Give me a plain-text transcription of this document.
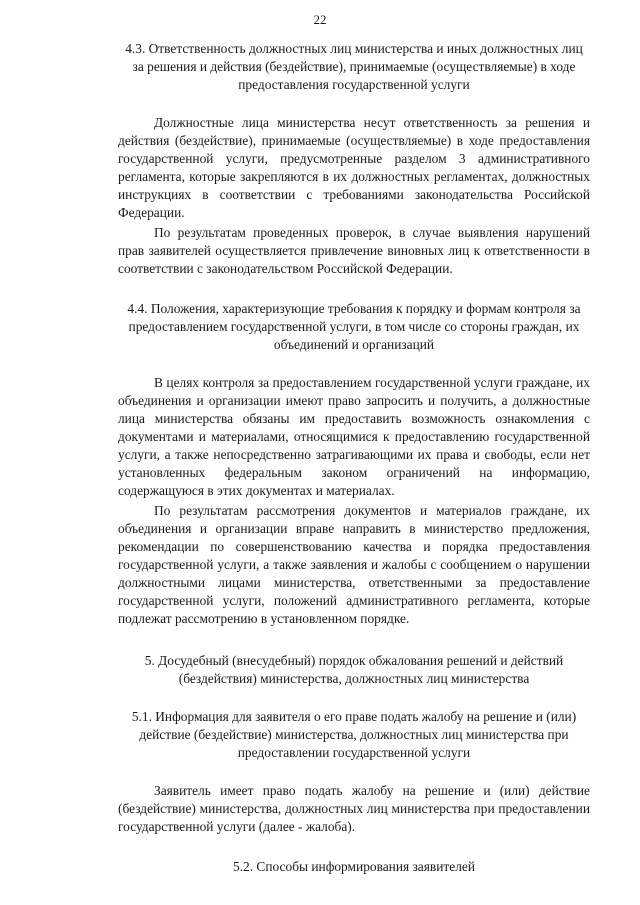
22

4.3. Ответственность должностных лиц министерства и иных должностных лиц за решения и действия (бездействие), принимаемые (осуществляемые) в ходе предоставления государственной услуги

Должностные лица министерства несут ответственность за решения и действия (бездействие), принимаемые (осуществляемые) в ходе предоставления государственной услуги, предусмотренные разделом 3 административного регламента, которые закрепляются в их должностных регламентах, должностных инструкциях в соответствии с требованиями законодательства Российской Федерации.

По результатам проведенных проверок, в случае выявления нарушений прав заявителей осуществляется привлечение виновных лиц к ответственности в соответствии с законодательством Российской Федерации.

4.4. Положения, характеризующие требования к порядку и формам контроля за предоставлением государственной услуги, в том числе со стороны граждан, их объединений и организаций

В целях контроля за предоставлением государственной услуги граждане, их объединения и организации имеют право запросить и получить, а должностные лица министерства обязаны им предоставить возможность ознакомления с документами и материалами, относящимися к предоставлению государственной услуги, а также непосредственно затрагивающими их права и свободы, если нет установленных федеральным законом ограничений на информацию, содержащуюся в этих документах и материалах.

По результатам рассмотрения документов и материалов граждане, их объединения и организации вправе направить в министерство предложения, рекомендации по совершенствованию качества и порядка предоставления государственной услуги, а также заявления и жалобы с сообщением о нарушении должностными лицами министерства, ответственными за предоставление государственной услуги, положений административного регламента, которые подлежат рассмотрению в установленном порядке.

5. Досудебный (внесудебный) порядок обжалования решений и действий (бездействия) министерства, должностных лиц министерства

5.1. Информация для заявителя о его праве подать жалобу на решение и (или) действие (бездействие) министерства, должностных лиц министерства при предоставлении государственной услуги

Заявитель имеет право подать жалобу на решение и (или) действие (бездействие) министерства, должностных лиц министерства при предоставлении государственной услуги (далее - жалоба).

5.2. Способы информирования заявителей
